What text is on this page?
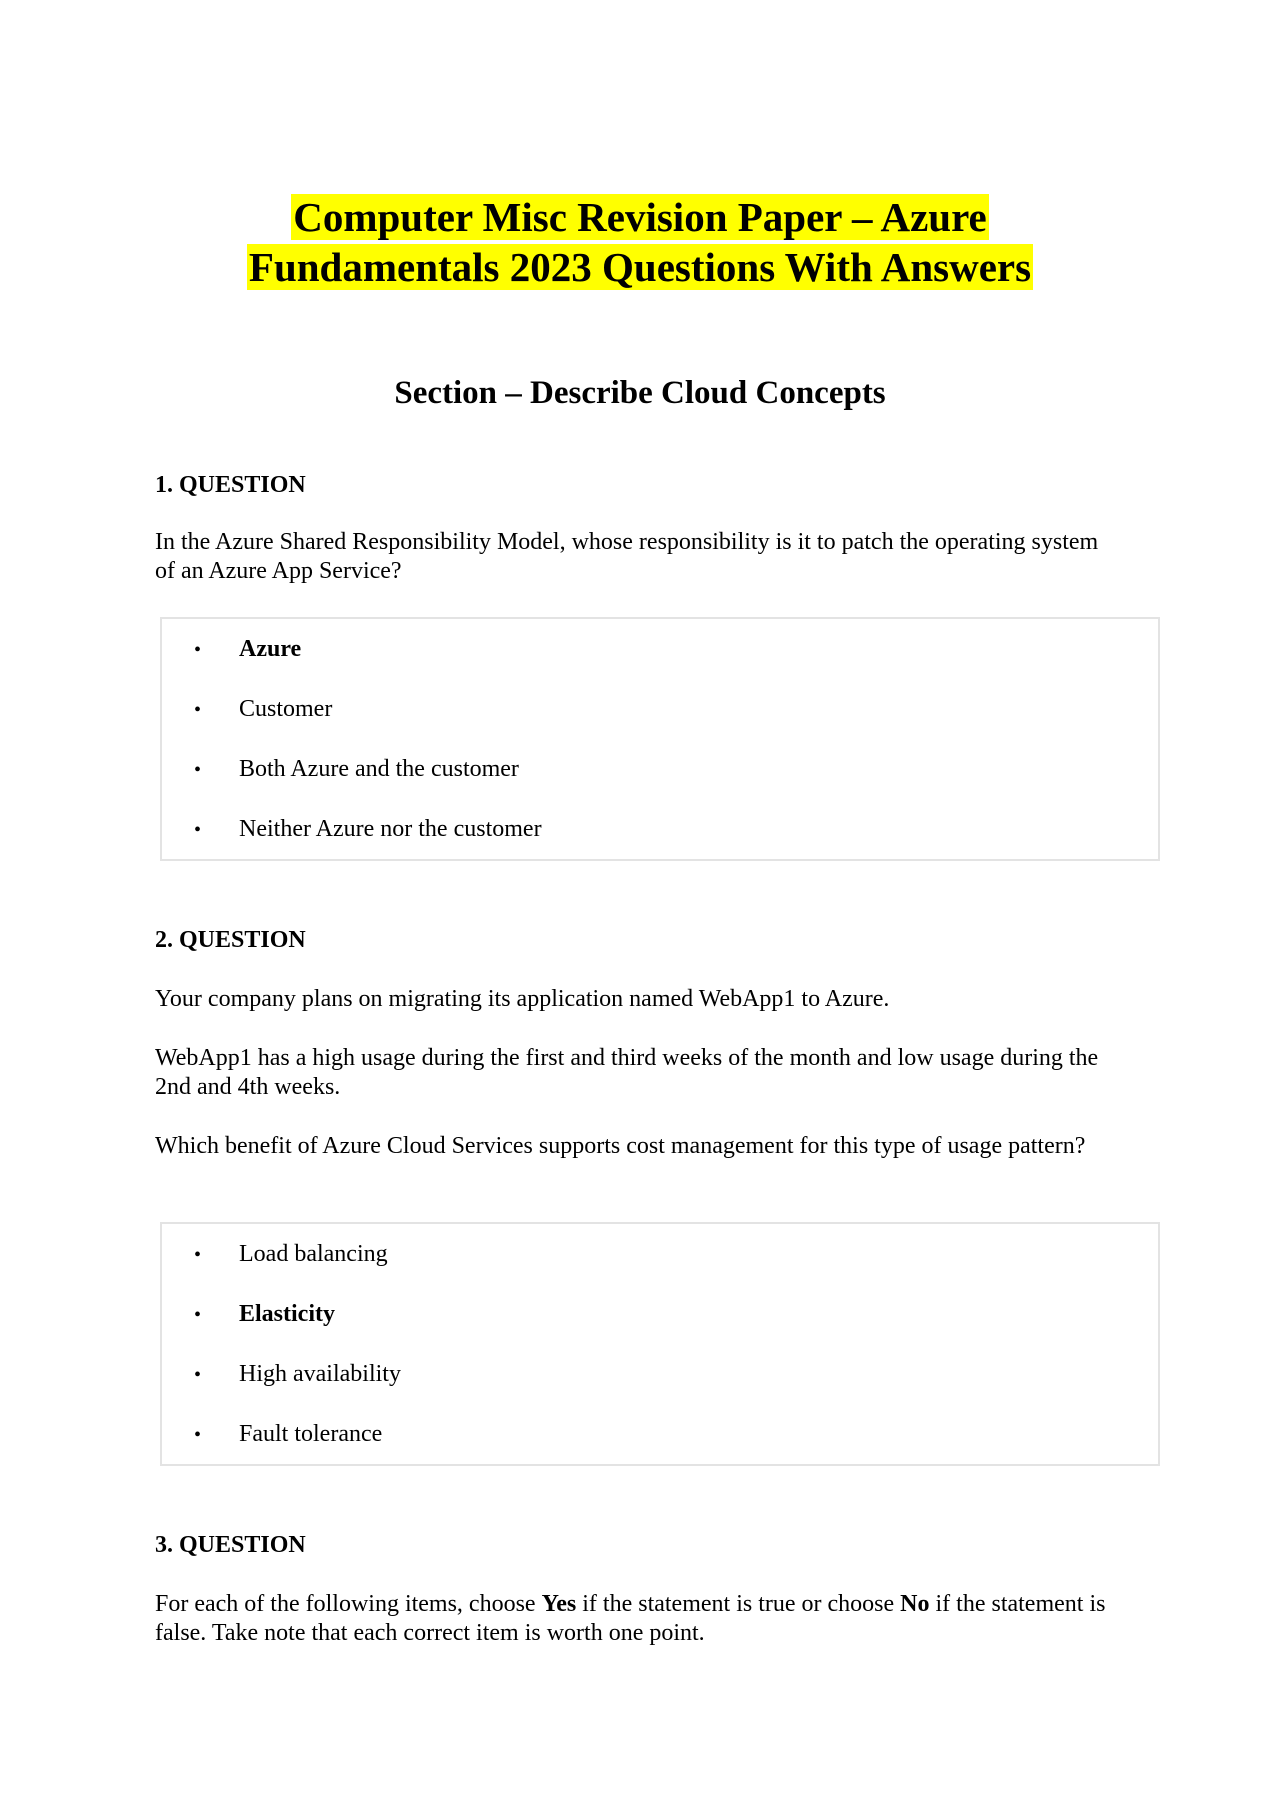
Computer Misc Revision Paper – Azure
Fundamentals 2023 Questions With Answers
Section – Describe Cloud Concepts
1. QUESTION
In the Azure Shared Responsibility Model, whose responsibility is it to patch the operating system of an Azure App Service?
• Azure
• Customer
• Both Azure and the customer
• Neither Azure nor the customer
2. QUESTION
Your company plans on migrating its application named WebApp1 to Azure.
WebApp1 has a high usage during the first and third weeks of the month and low usage during the 2nd and 4th weeks.
Which benefit of Azure Cloud Services supports cost management for this type of usage pattern?
• Load balancing
• Elasticity
• High availability
• Fault tolerance
3. QUESTION
For each of the following items, choose Yes if the statement is true or choose No if the statement is false. Take note that each correct item is worth one point.
